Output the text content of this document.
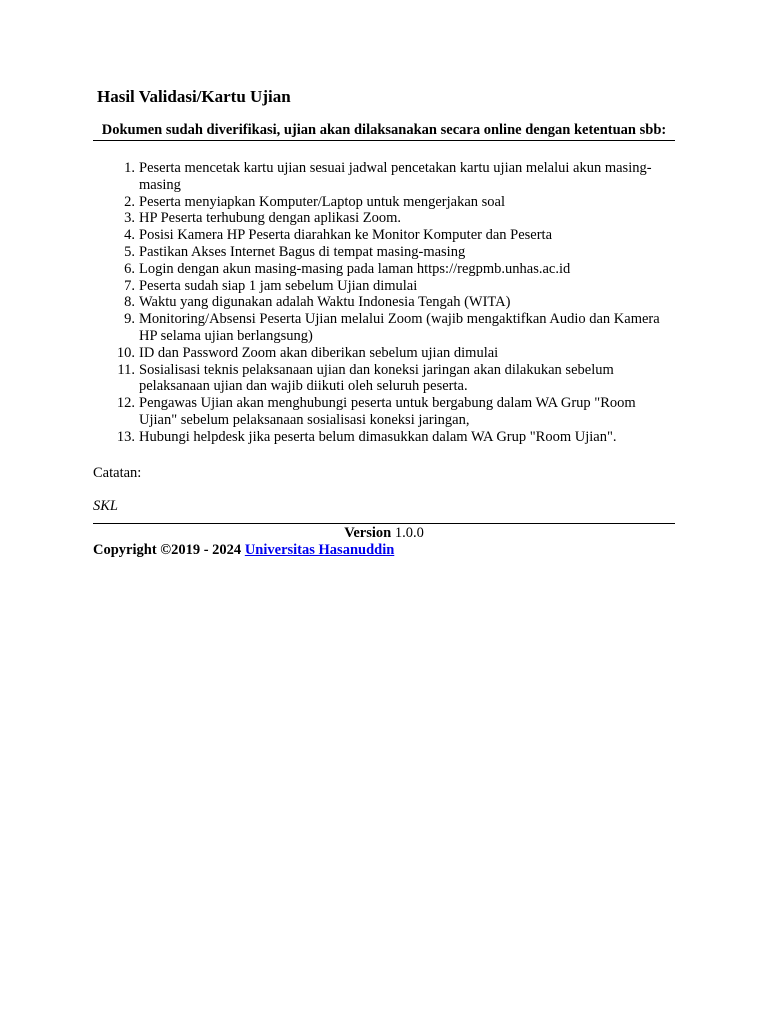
Hasil Validasi/Kartu Ujian
Dokumen sudah diverifikasi, ujian akan dilaksanakan secara online dengan ketentuan sbb:
1. Peserta mencetak kartu ujian sesuai jadwal pencetakan kartu ujian melalui akun masing-masing
2. Peserta menyiapkan Komputer/Laptop untuk mengerjakan soal
3. HP Peserta terhubung dengan aplikasi Zoom.
4. Posisi Kamera HP Peserta diarahkan ke Monitor Komputer dan Peserta
5. Pastikan Akses Internet Bagus di tempat masing-masing
6. Login dengan akun masing-masing pada laman https://regpmb.unhas.ac.id
7. Peserta sudah siap 1 jam sebelum Ujian dimulai
8. Waktu yang digunakan adalah Waktu Indonesia Tengah (WITA)
9. Monitoring/Absensi Peserta Ujian melalui Zoom (wajib mengaktifkan Audio dan Kamera HP selama ujian berlangsung)
10. ID dan Password Zoom akan diberikan sebelum ujian dimulai
11. Sosialisasi teknis pelaksanaan ujian dan koneksi jaringan akan dilakukan sebelum pelaksanaan ujian dan wajib diikuti oleh seluruh peserta.
12. Pengawas Ujian akan menghubungi peserta untuk bergabung dalam WA Grup "Room Ujian" sebelum pelaksanaan sosialisasi koneksi jaringan,
13. Hubungi helpdesk jika peserta belum dimasukkan dalam WA Grup "Room Ujian".
Catatan:
SKL
Version 1.0.0
Copyright ©2019 - 2024 Universitas Hasanuddin
